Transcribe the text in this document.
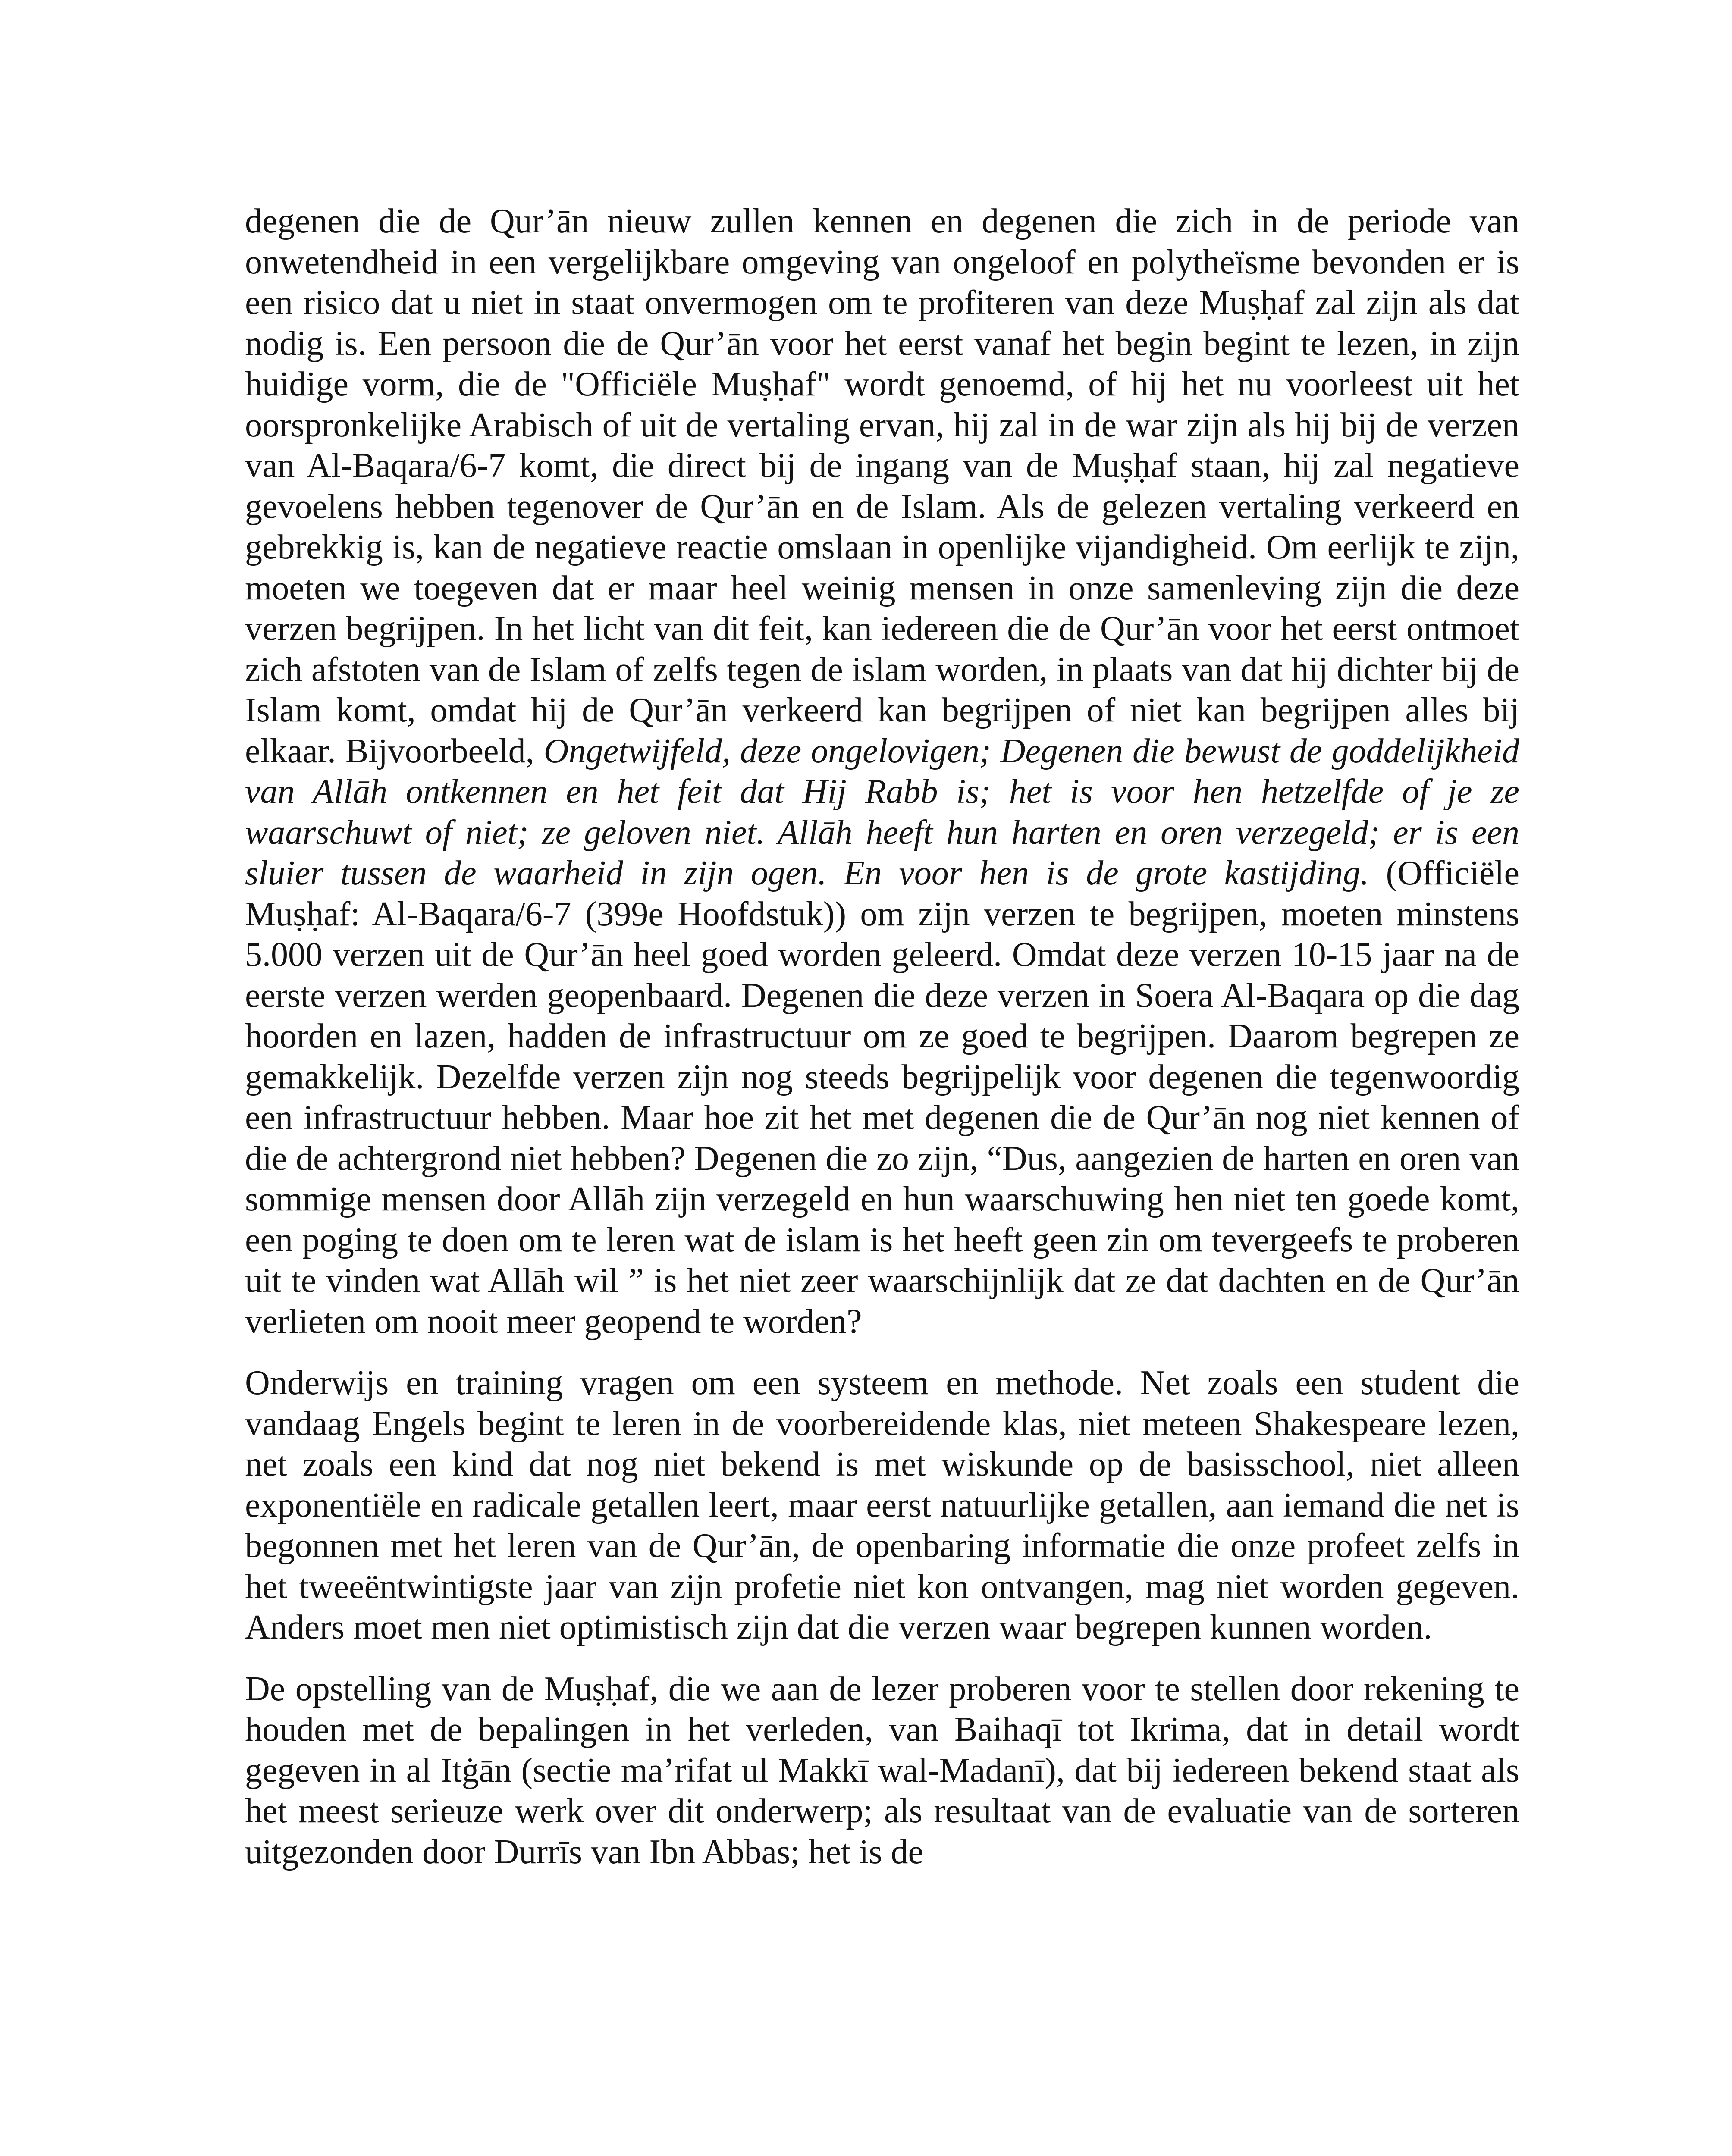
degenen die de Qur’ān nieuw zullen kennen en degenen die zich in de periode van onwetendheid in een vergelijkbare omgeving van ongeloof en polytheïsme bevonden er is een risico dat u niet in staat onvermogen om te profiteren van deze Muṣḥaf zal zijn als dat nodig is. Een persoon die de Qur’ān voor het eerst vanaf het begin begint te lezen, in zijn huidige vorm, die de "Officiële Muṣḥaf" wordt genoemd, of hij het nu voorleest uit het oorspronkelijke Arabisch of uit de vertaling ervan, hij zal in de war zijn als hij bij de verzen van Al-Baqara/6-7 komt, die direct bij de ingang van de Muṣḥaf staan, hij zal negatieve gevoelens hebben tegenover de Qur’ān en de Islam. Als de gelezen vertaling verkeerd en gebrekkig is, kan de negatieve reactie omslaan in openlijke vijandigheid. Om eerlijk te zijn, moeten we toegeven dat er maar heel weinig mensen in onze samenleving zijn die deze verzen begrijpen. In het licht van dit feit, kan iedereen die de Qur’ān voor het eerst ontmoet zich afstoten van de Islam of zelfs tegen de islam worden, in plaats van dat hij dichter bij de Islam komt, omdat hij de Qur’ān verkeerd kan begrijpen of niet kan begrijpen alles bij elkaar. Bijvoorbeeld, Ongetwijfeld, deze ongelovigen; Degenen die bewust de goddelijkheid van Allāh ontkennen en het feit dat Hij Rabb is; het is voor hen hetzelfde of je ze waarschuwt of niet; ze geloven niet. Allāh heeft hun harten en oren verzegeld; er is een sluier tussen de waarheid in zijn ogen. En voor hen is de grote kastijding. (Officiële Muṣḥaf: Al-Baqara/6-7 (399e Hoofdstuk)) om zijn verzen te begrijpen, moeten minstens 5.000 verzen uit de Qur’ān heel goed worden geleerd. Omdat deze verzen 10-15 jaar na de eerste verzen werden geopenbaard. Degenen die deze verzen in Soera Al-Baqara op die dag hoorden en lazen, hadden de infrastructuur om ze goed te begrijpen. Daarom begrepen ze gemakkelijk. Dezelfde verzen zijn nog steeds begrijpelijk voor degenen die tegenwoordig een infrastructuur hebben. Maar hoe zit het met degenen die de Qur’ān nog niet kennen of die de achtergrond niet hebben? Degenen die zo zijn, “Dus, aangezien de harten en oren van sommige mensen door Allāh zijn verzegeld en hun waarschuwing hen niet ten goede komt, een poging te doen om te leren wat de islam is het heeft geen zin om tevergeefs te proberen uit te vinden wat Allāh wil ” is het niet zeer waarschijnlijk dat ze dat dachten en de Qur’ān verlieten om nooit meer geopend te worden?

Onderwijs en training vragen om een systeem en methode. Net zoals een student die vandaag Engels begint te leren in de voorbereidende klas, niet meteen Shakespeare lezen, net zoals een kind dat nog niet bekend is met wiskunde op de basisschool, niet alleen exponentiële en radicale getallen leert, maar eerst natuurlijke getallen, aan iemand die net is begonnen met het leren van de Qur’ān, de openbaring informatie die onze profeet zelfs in het tweeëntwintigste jaar van zijn profetie niet kon ontvangen, mag niet worden gegeven. Anders moet men niet optimistisch zijn dat die verzen waar begrepen kunnen worden.

De opstelling van de Muṣḥaf, die we aan de lezer proberen voor te stellen door rekening te houden met de bepalingen in het verleden, van Baihaqī tot Ikrima, dat in detail wordt gegeven in al Itġān (sectie ma’rifat ul Makkī wal-Madanī), dat bij iedereen bekend staat als het meest serieuze werk over dit onderwerp; als resultaat van de evaluatie van de sorteren uitgezonden door Durrīs van Ibn Abbas; het is de
